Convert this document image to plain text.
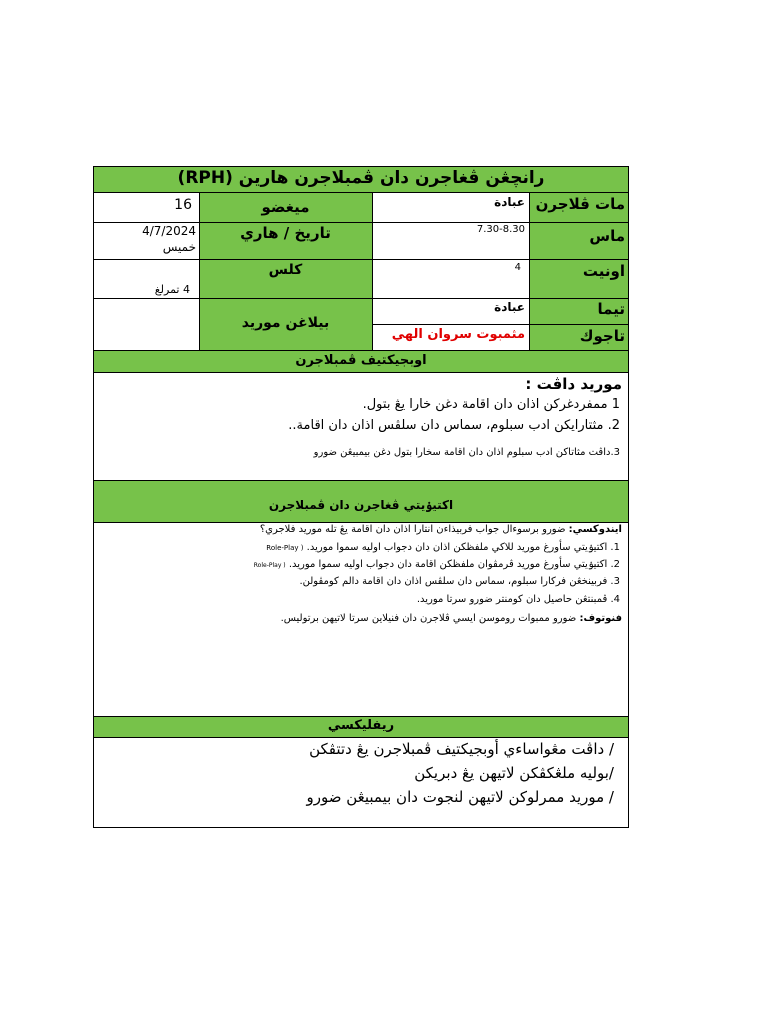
رانچڠن ڤغاجرن دان ڤمبلاجرن هارين (RPH)
مات ڤلاجرن
عبادة
ميغضو
16
ماس
7.30-8.30
تاريخ / هاري
4/7/2024
خميس
اونيت
4
كلس
4 تمرلغ
تيما
عبادة
تاجوك
مثمبوت سروان الهي
بيلاغن موريد
اوبجيكتيف ڤمبلاجرن
موريد داڤت :
1 ممفردغركن اذان دان اقامة دغن خارا يڠ بتول.
2. مثتارايكن ادب سبلوم، سماس دان سلڤس اذان دان اقامة..
3.داڤت مثاتاكن ادب سبلوم اذان دان اقامة سخارا بتول دغن بيمبيڠن ضورو
اكتيۏيتي ڤغاجرن دان ڤمبلاجرن
ايندوكسي: ضورو برسوءال جواب فربيذاءن انتارا اذان دان اقامة يڠ تله موريد فلاجري؟
1. اكتيۏيتي سأورغ موريد للاكي ملفظكن اذان دان دجواب اوليه سموا موريد. ( Role-Play
2. اكتيۏيتي سأورغ موريد ڤرمڤوان ملفظكن اقامة دان دجواب اوليه سموا موريد. ( Role-Play
3. فربينخڠن فركارا سبلوم، سماس دان سلڤس اذان دان اقامة دالم كومڤولن.
4. ڤمبنتڠن حاصيل دان كومنتر ضورو سرتا موريد.
فنوتوف: ضورو ممبوات روموسن ايسي ڤلاجرن دان فنيلاين سرتا لاتيهن برتوليس.
ريفليكسي
/ داڤت مڠواساءي أوبجيكتيف ڤمبلاجرن يڠ دتتڤكن
/بوليه ملڠكڤكن لاتيهن يڠ دبريكن
/ موريد ممرلوكن لاتيهن لنجوت دان بيمبيڠن ضورو
